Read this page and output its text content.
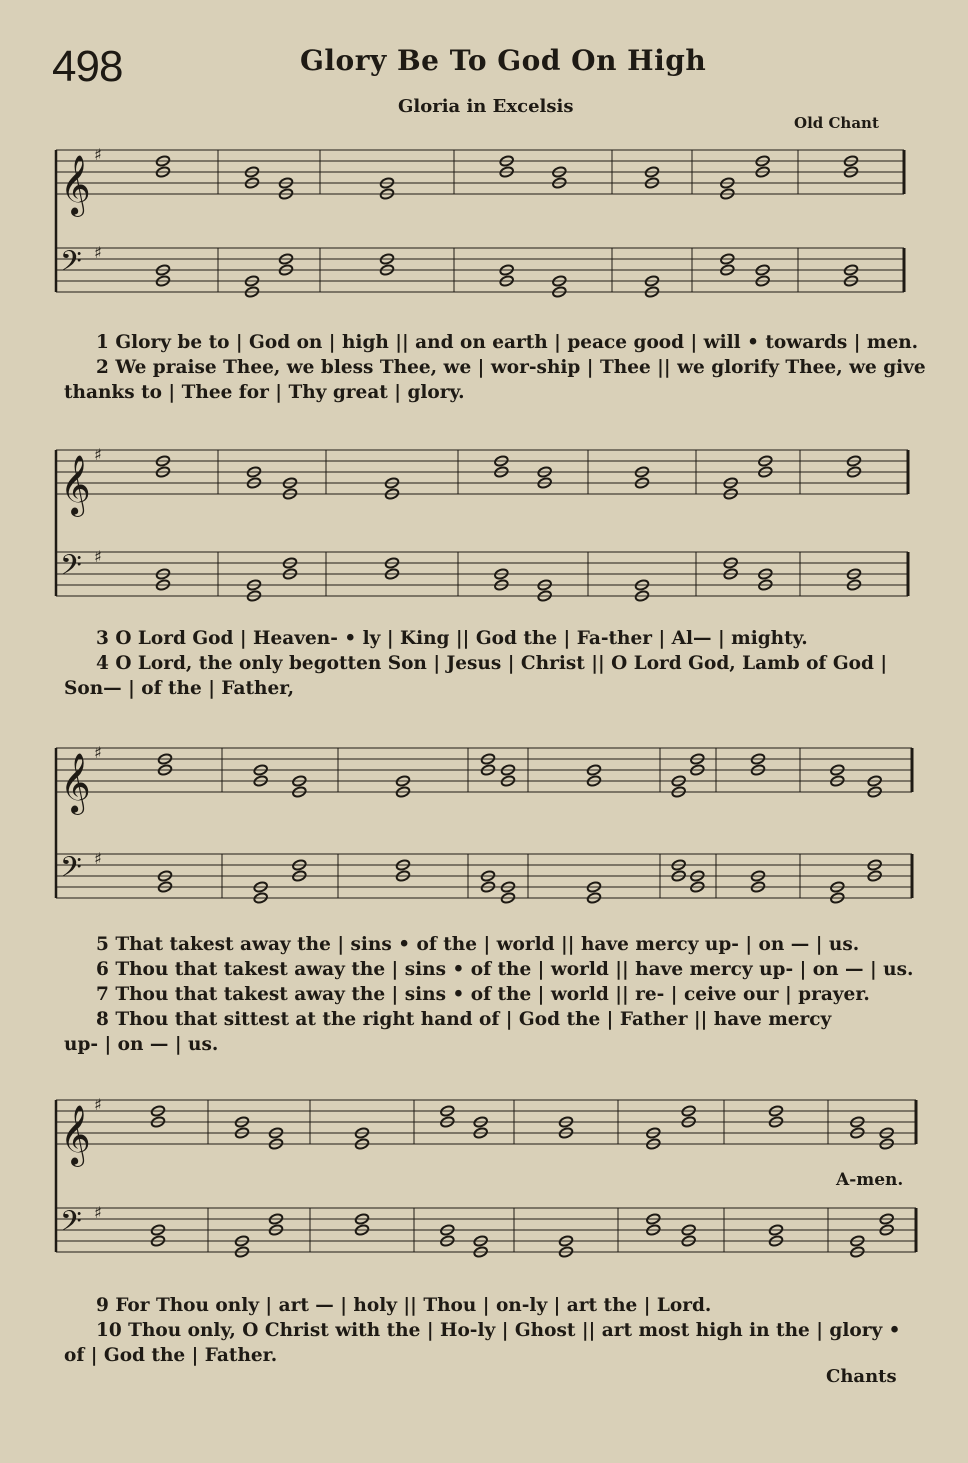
498	Glory Be To God On High
Gloria in Excelsis
Old Chant
𝄞
♯
𝄢 ♯
1 Glory be to | God on | high || and on earth | peace good | will • towards | men.
2 We praise Thee, we bless Thee, we | wor-ship | Thee || we glorify Thee, we give
thanks to | Thee for | Thy great | glory.
𝄞
♯
𝄢 ♯
3 O Lord God | Heaven- • ly | King || God the | Fa-ther | Al— | mighty.
4 O Lord, the only begotten Son | Jesus | Christ || O Lord God, Lamb of God |
Son— | of the | Father,
𝄞
♯
𝄢 ♯
5 That takest away the | sins • of the | world || have mercy up- | on — | us.
6 Thou that takest away the | sins • of the | world || have mercy up- | on — | us.
7 Thou that takest away the | sins • of the | world || re- | ceive our | prayer.
8 Thou that sittest at the right hand of | God the | Father || have mercy
up- | on — | us.
𝄞
♯
𝄢 ♯
A-men.
9 For Thou only | art — | holy || Thou | on-ly | art the | Lord.
10 Thou only, O Christ with the | Ho-ly | Ghost || art most high in the | glory •
of | God the | Father.
Chants
